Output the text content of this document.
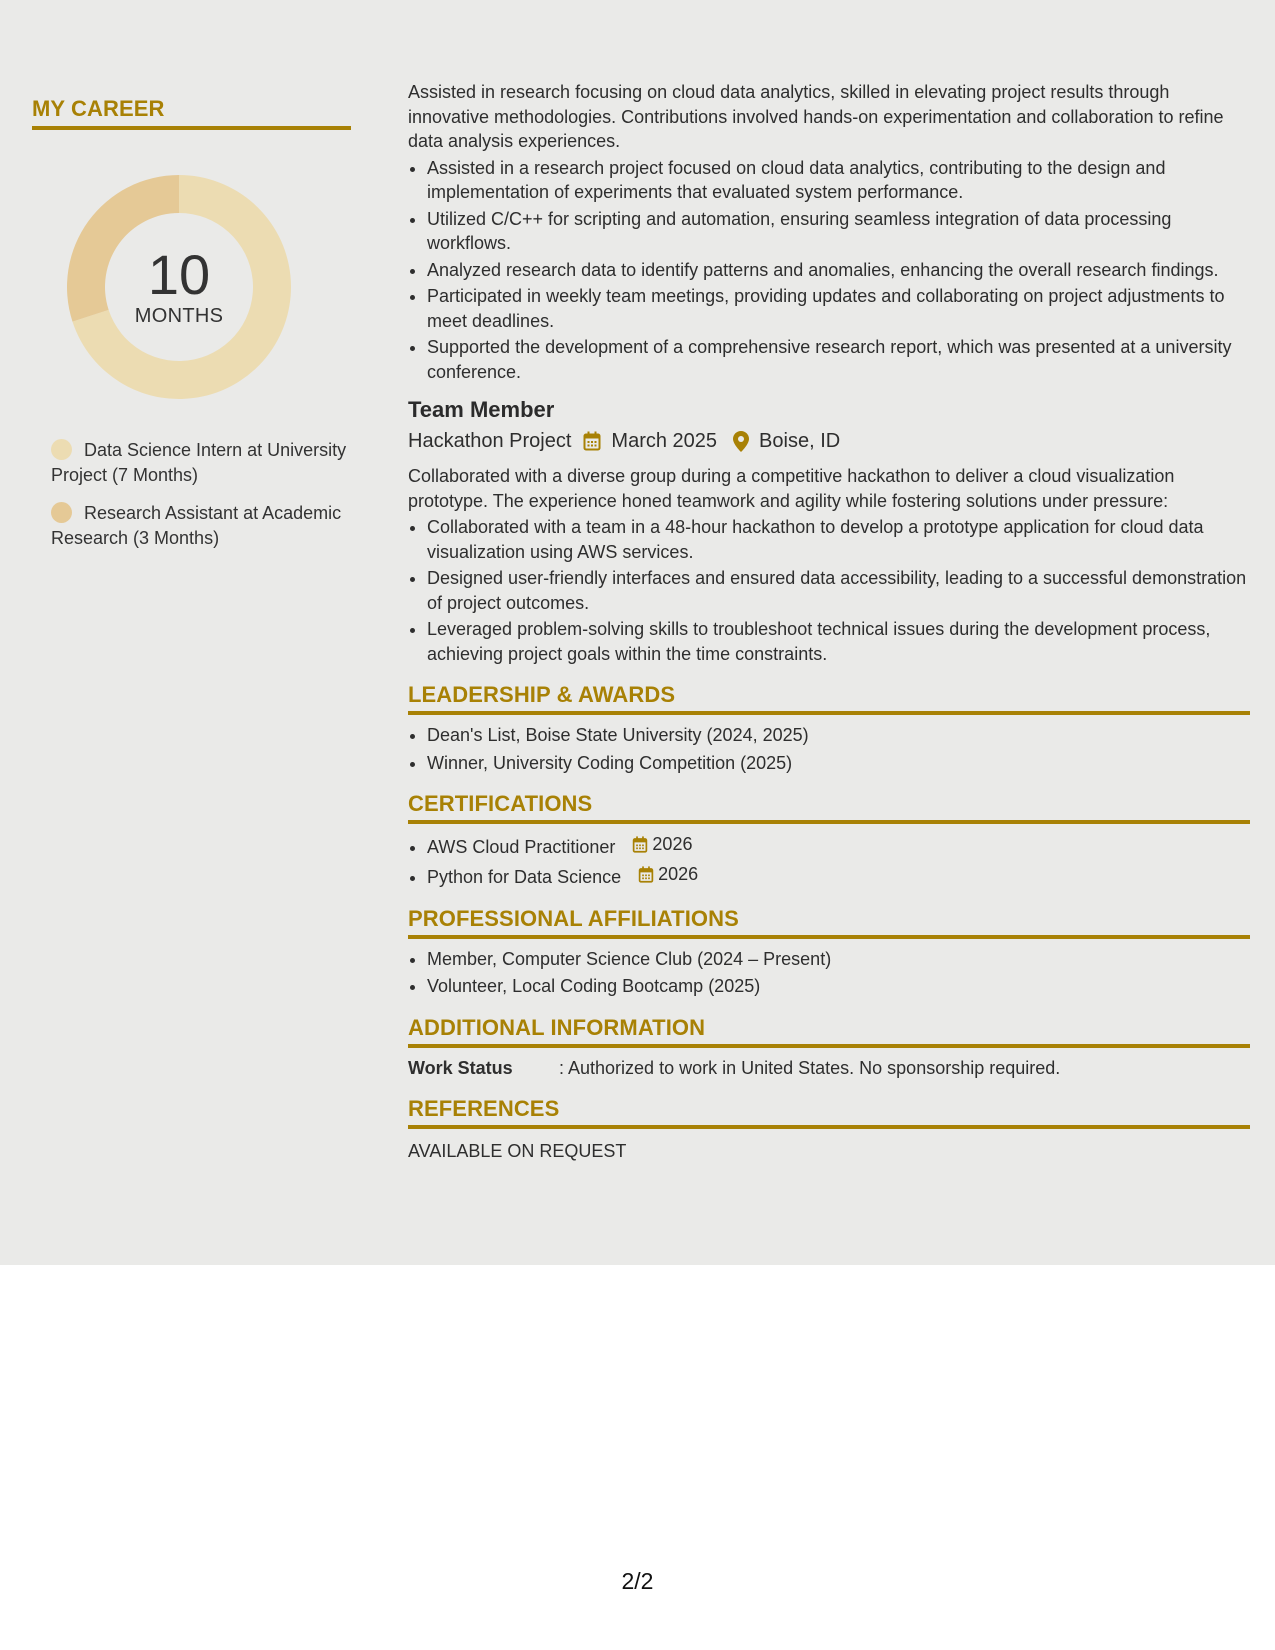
MY CAREER
10
MONTHS
Data Science Intern at University Project (7 Months)
Research Assistant at Academic Research (3 Months)

Assisted in research focusing on cloud data analytics, skilled in elevating project results through innovative methodologies. Contributions involved hands-on experimentation and collaboration to refine data analysis experiences.

• Assisted in a research project focused on cloud data analytics, contributing to the design and implementation of experiments that evaluated system performance.
• Utilized C/C++ for scripting and automation, ensuring seamless integration of data processing workflows.
• Analyzed research data to identify patterns and anomalies, enhancing the overall research findings.
• Participated in weekly team meetings, providing updates and collaborating on project adjustments to meet deadlines.
• Supported the development of a comprehensive research report, which was presented at a university conference.
Team Member
Hackathon Project March 2025 Boise, ID

Collaborated with a diverse group during a competitive hackathon to deliver a cloud visualization prototype. The experience honed teamwork and agility while fostering solutions under pressure:

• Collaborated with a team in a 48-hour hackathon to develop a prototype application for cloud data visualization using AWS services.
• Designed user-friendly interfaces and ensured data accessibility, leading to a successful demonstration of project outcomes.
• Leveraged problem-solving skills to troubleshoot technical issues during the development process, achieving project goals within the time constraints.
LEADERSHIP & AWARDS
• Dean's List, Boise State University (2024, 2025)
• Winner, University Coding Competition (2025)
CERTIFICATIONS
• AWS Cloud Practitioner 2026
• Python for Data Science 2026
PROFESSIONAL AFFILIATIONS
• Member, Computer Science Club (2024 – Present)
• Volunteer, Local Coding Bootcamp (2025)
ADDITIONAL INFORMATION
Work Status	: Authorized to work in United States. No sponsorship required.
REFERENCES
AVAILABLE ON REQUEST
2/2
